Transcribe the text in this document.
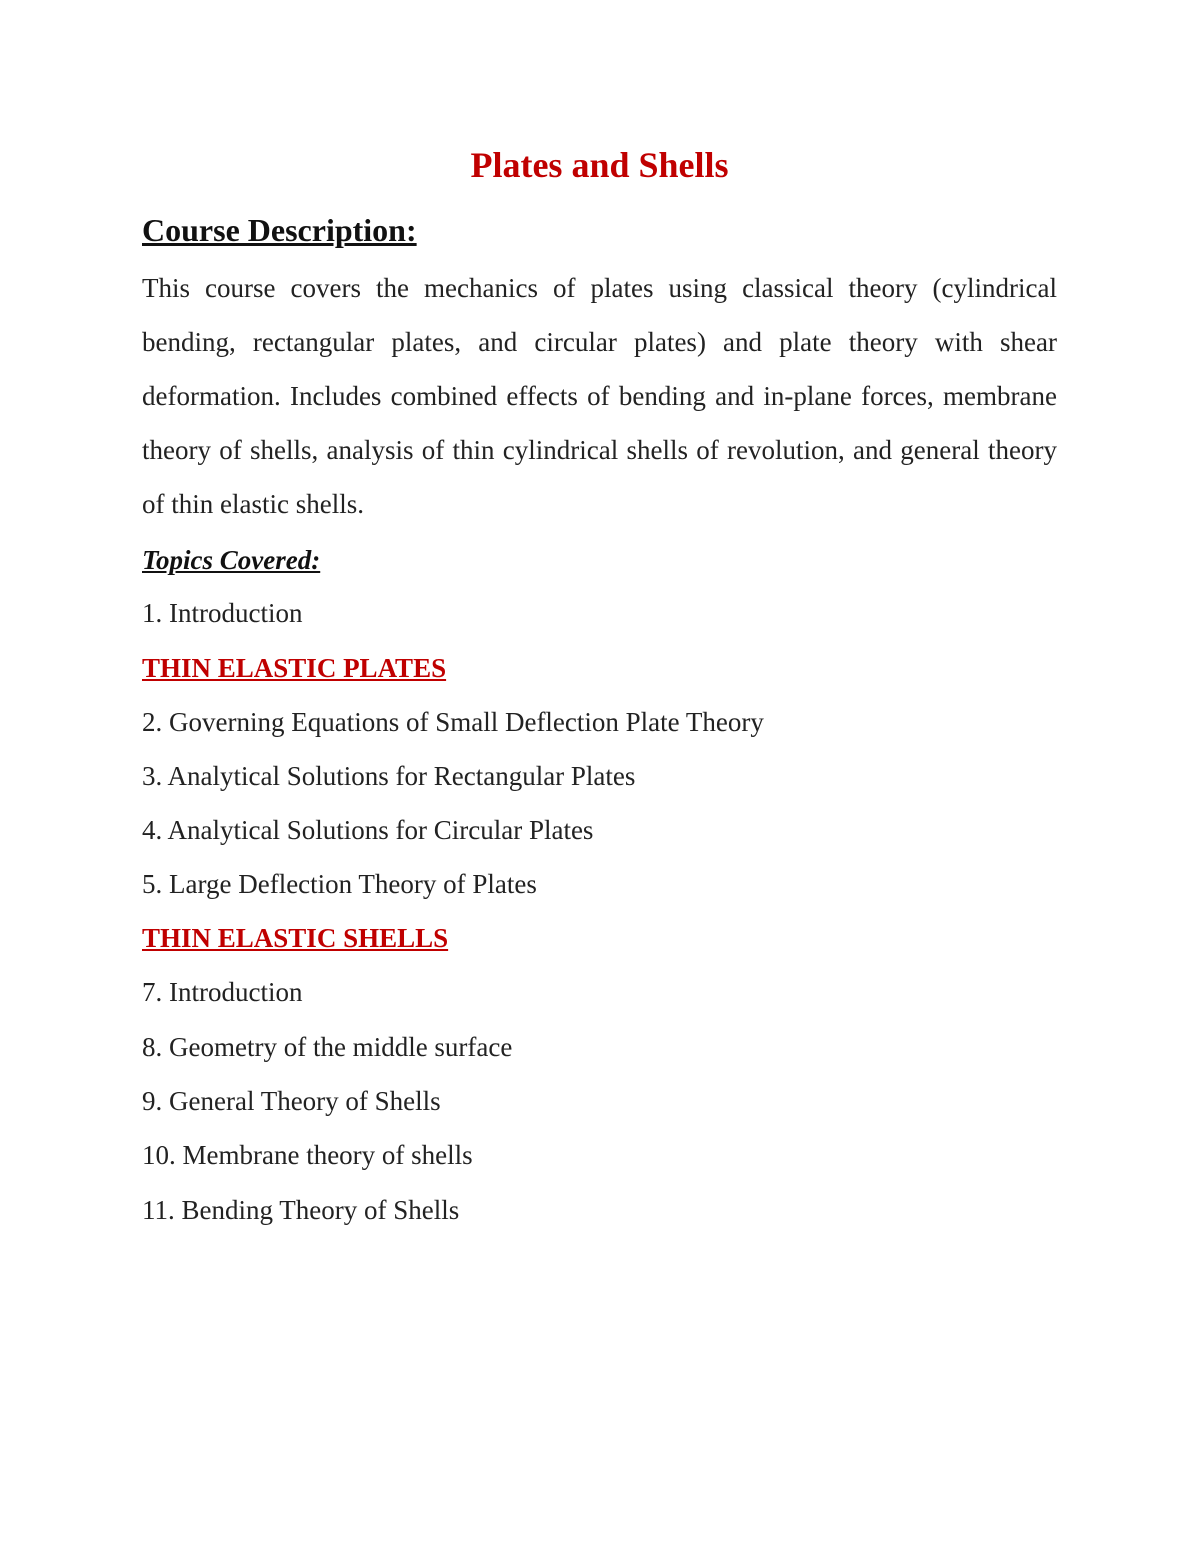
Plates and Shells
Course Description:
This course covers the mechanics of plates using classical theory (cylindrical bending, rectangular plates, and circular plates) and plate theory with shear deformation. Includes combined effects of bending and in-plane forces, membrane theory of shells, analysis of thin cylindrical shells of revolution, and general theory of thin elastic shells.
Topics Covered:
1. Introduction
THIN ELASTIC PLATES
2. Governing Equations of Small Deflection Plate Theory
3. Analytical Solutions for Rectangular Plates
4. Analytical Solutions for Circular Plates
5. Large Deflection Theory of Plates
THIN ELASTIC SHELLS
7. Introduction
8. Geometry of the middle surface
9. General Theory of Shells
10. Membrane theory of shells
11. Bending Theory of Shells
